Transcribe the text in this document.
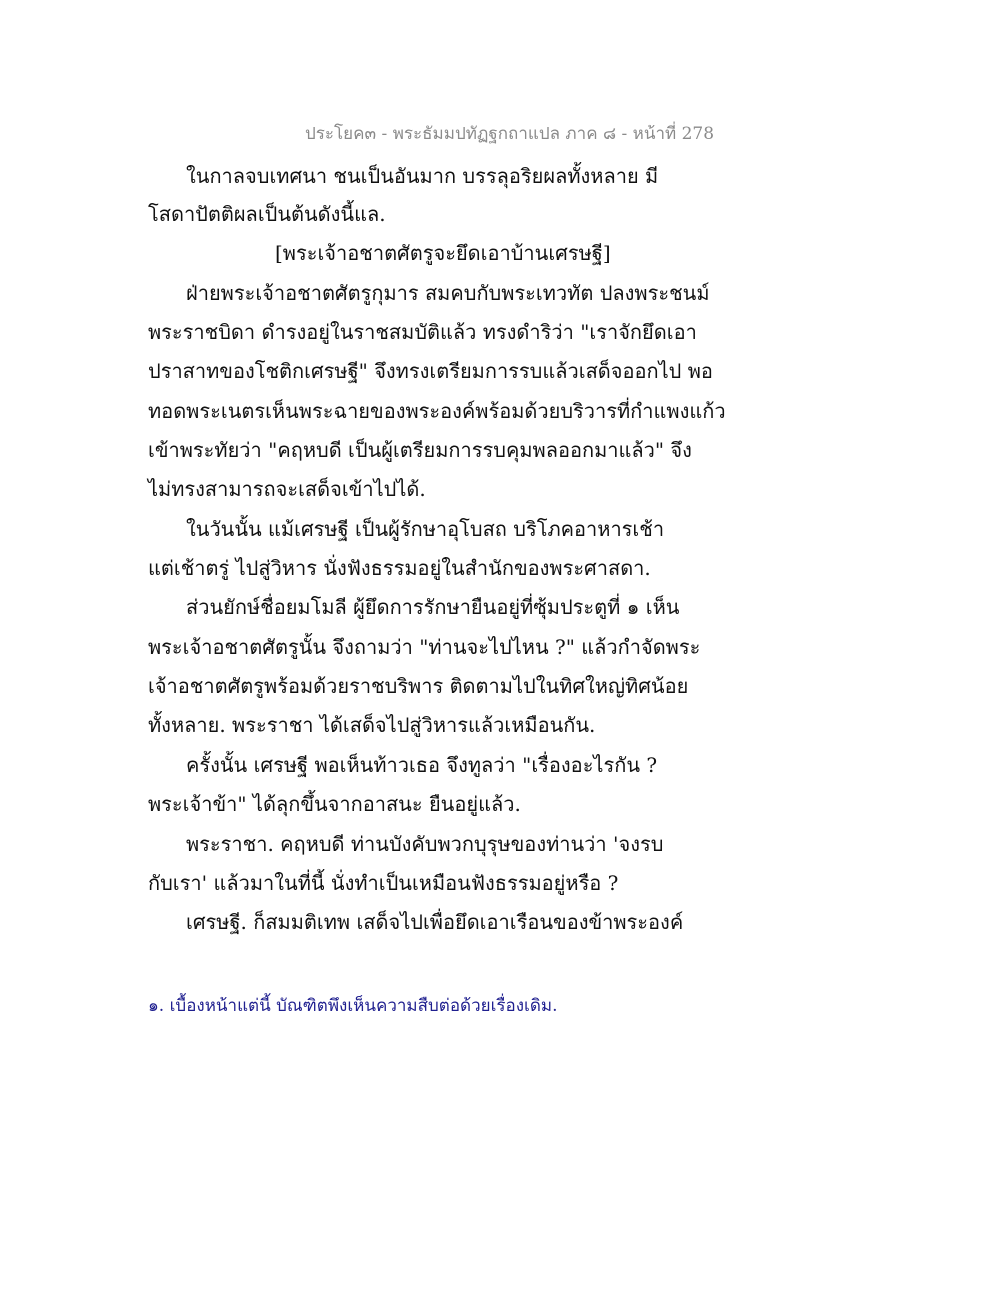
ประโยค๓ - พระธัมมปทัฏฐกถาแปล ภาค ๘ - หน้าที่ 278
ในกาลจบเทศนา ชนเป็นอันมาก บรรลุอริยผลทั้งหลาย มี
โสดาปัตติผลเป็นต้นดังนี้แล.
[พระเจ้าอชาตศัตรูจะยึดเอาบ้านเศรษฐี]
ฝ่ายพระเจ้าอชาตศัตรูกุมาร สมคบกับพระเทวทัต ปลงพระชนม์
พระราชบิดา ดำรงอยู่ในราชสมบัติแล้ว ทรงดำริว่า "เราจักยึดเอา
ปราสาทของโชติกเศรษฐี" จึงทรงเตรียมการรบแล้วเสด็จออกไป พอ
ทอดพระเนตรเห็นพระฉายของพระองค์พร้อมด้วยบริวารที่กำแพงแก้ว
เข้าพระทัยว่า "คฤหบดี เป็นผู้เตรียมการรบคุมพลออกมาแล้ว" จึง
ไม่ทรงสามารถจะเสด็จเข้าไปได้.
ในวันนั้น แม้เศรษฐี เป็นผู้รักษาอุโบสถ บริโภคอาหารเช้า
แต่เช้าตรู่ ไปสู่วิหาร นั่งฟังธรรมอยู่ในสำนักของพระศาสดา.
ส่วนยักษ์ชื่อยมโมลี ผู้ยึดการรักษายืนอยู่ที่ซุ้มประตูที่ ๑ เห็น
พระเจ้าอชาตศัตรูนั้น จึงถามว่า "ท่านจะไปไหน ?" แล้วกำจัดพระ
เจ้าอชาตศัตรูพร้อมด้วยราชบริพาร ติดตามไปในทิศใหญ่ทิศน้อย
ทั้งหลาย. พระราชา ได้เสด็จไปสู่วิหารแล้วเหมือนกัน.
ครั้งนั้น เศรษฐี พอเห็นท้าวเธอ จึงทูลว่า "เรื่องอะไรกัน ?
พระเจ้าข้า" ได้ลุกขึ้นจากอาสนะ ยืนอยู่แล้ว.
พระราชา. คฤหบดี ท่านบังคับพวกบุรุษของท่านว่า 'จงรบ
กับเรา' แล้วมาในที่นี้ นั่งทำเป็นเหมือนฟังธรรมอยู่หรือ ?
เศรษฐี. ก็สมมติเทพ เสด็จไปเพื่อยึดเอาเรือนของข้าพระองค์
๑. เบื้องหน้าแต่นี้ บัณฑิตพึงเห็นความสืบต่อด้วยเรื่องเดิม.
